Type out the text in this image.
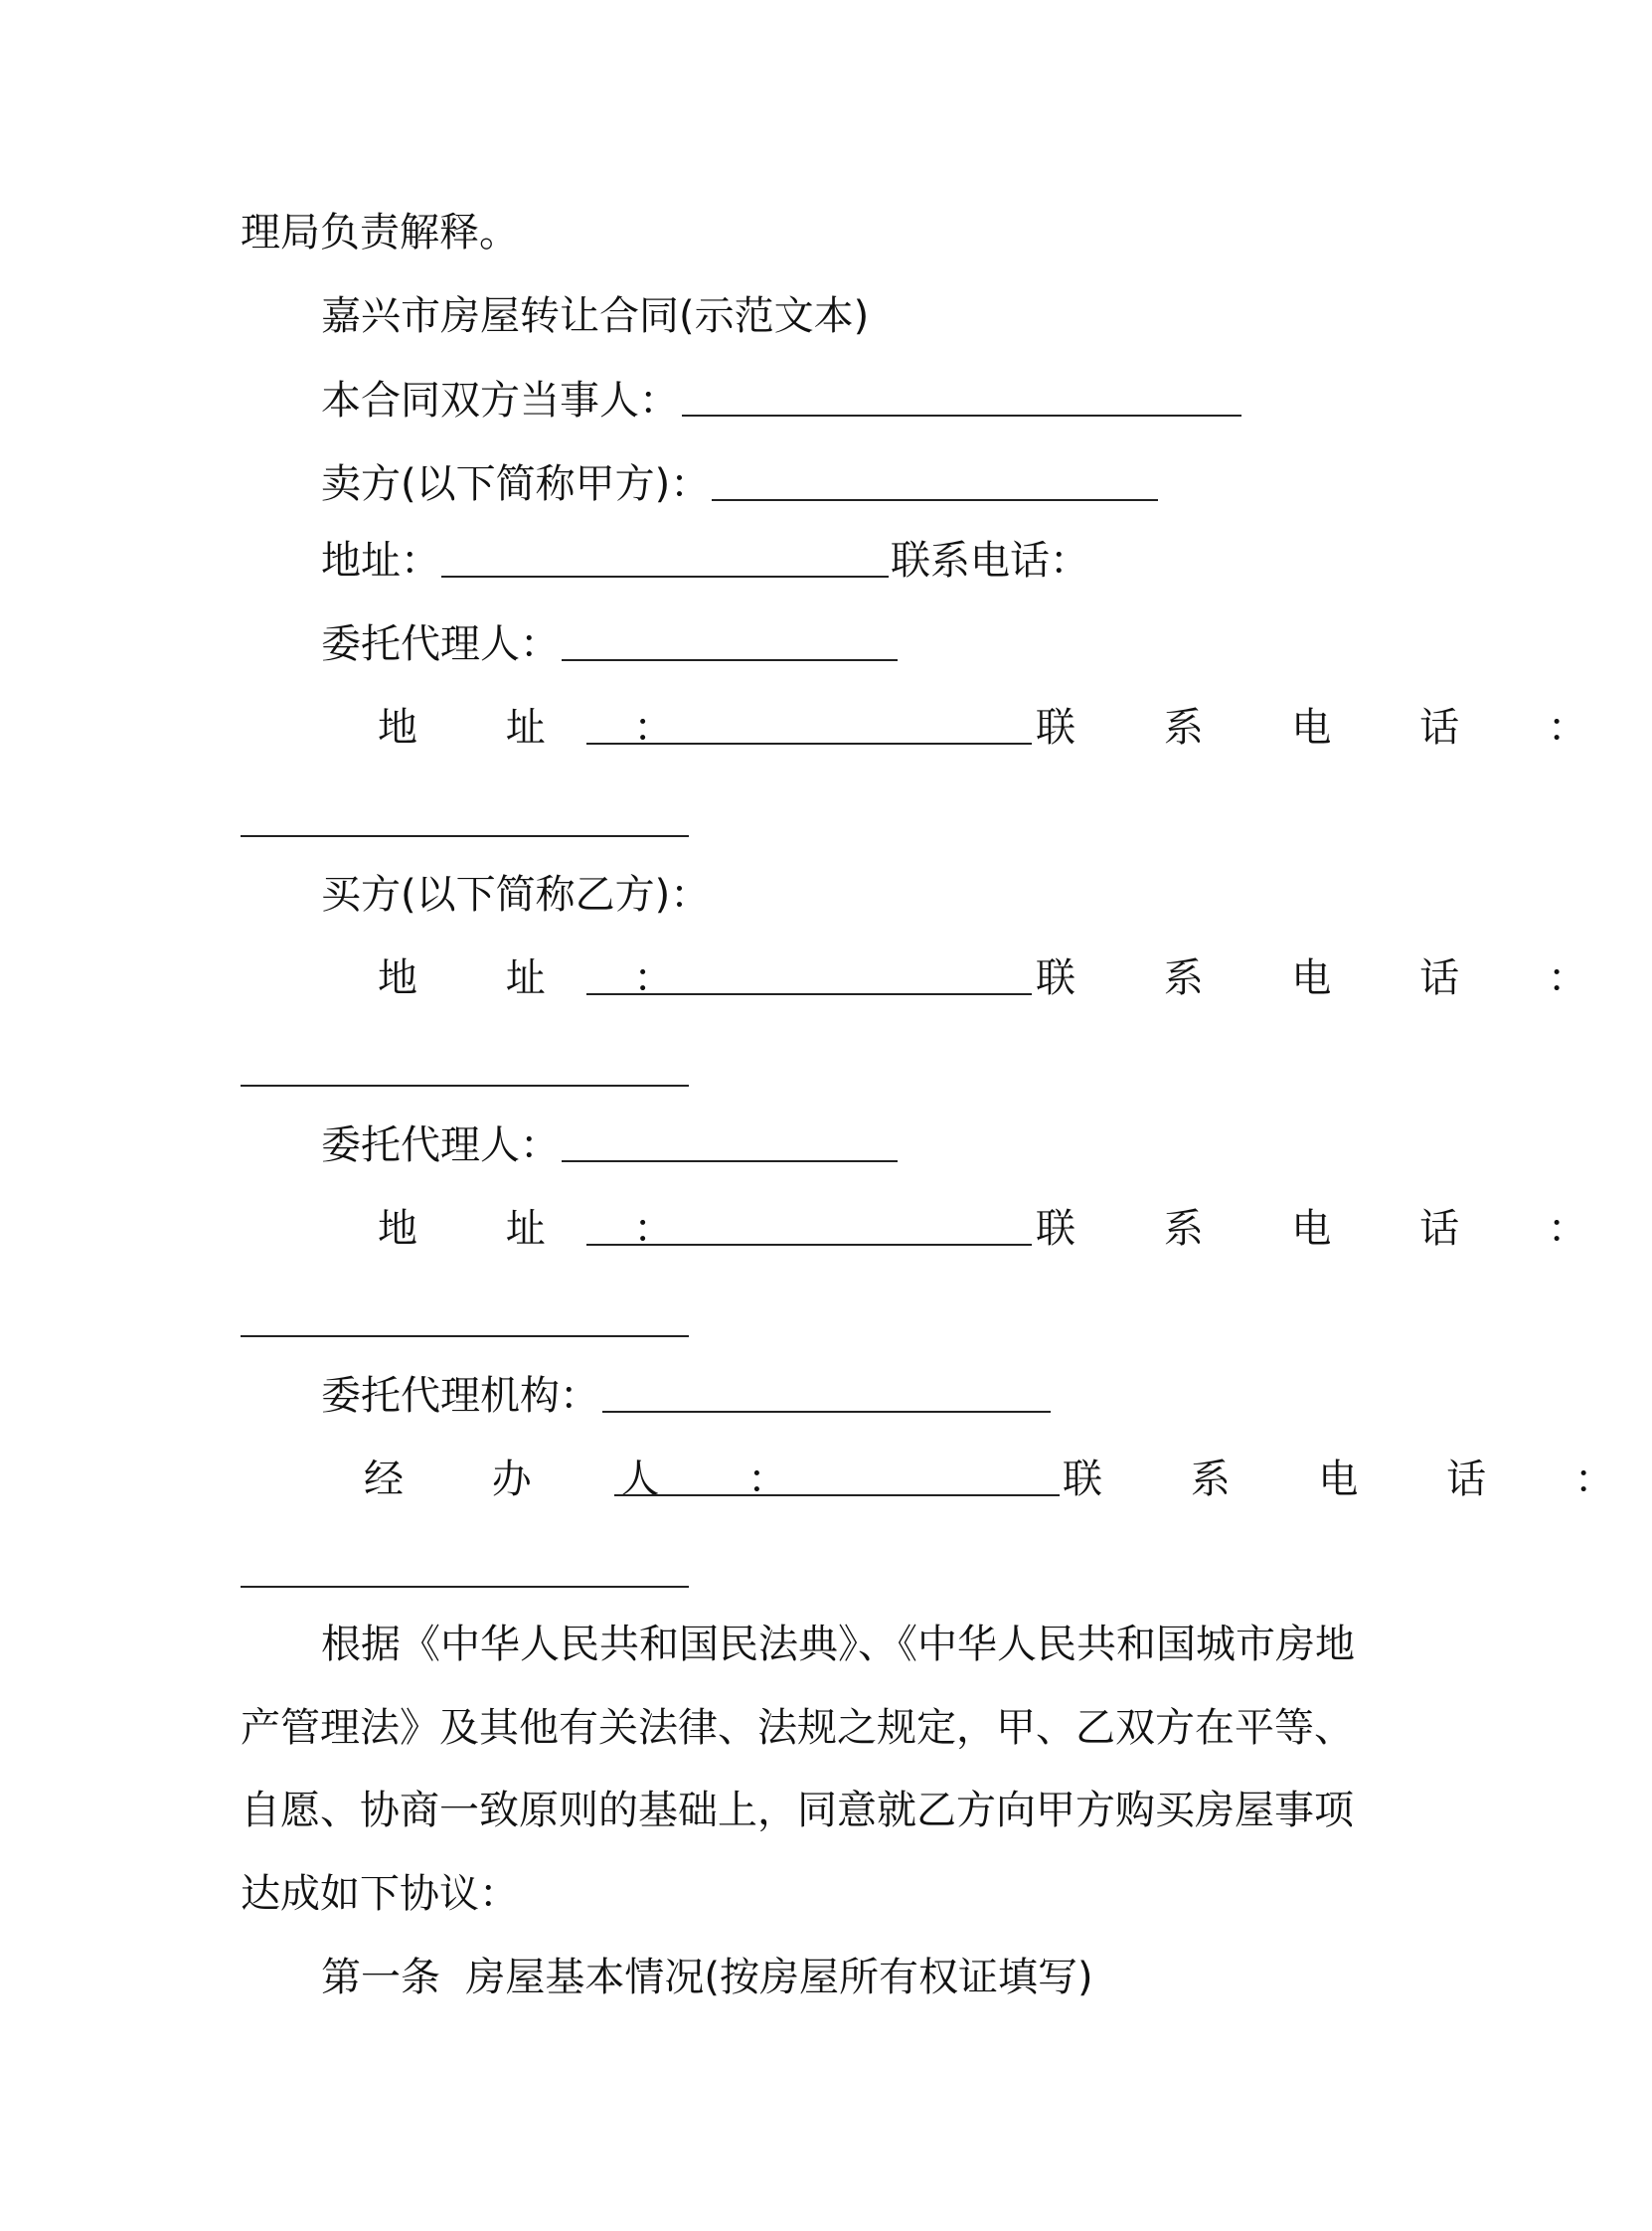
理局负责解释。
嘉兴市房屋转让合同(示范文本)
本合同双方当事人：
卖方(以下简称甲方)：
地址：	联系电话：
委托代理人：
地 址 ：	联 系 电 话 ：
买方(以下简称乙方)：
地 址 ：	联 系 电 话 ：
委托代理人：
地 址 ：	联 系 电 话 ：
委托代理机构：
经 办 人 ：	联 系 电 话 ：
根据《中华人民共和国民法典》、《中华人民共和国城市房地
产管理法》及其他有关法律、法规之规定，甲、乙双方在平等、
自愿、协商一致原则的基础上，同意就乙方向甲方购买房屋事项
达成如下协议：
第一条  房屋基本情况(按房屋所有权证填写)
